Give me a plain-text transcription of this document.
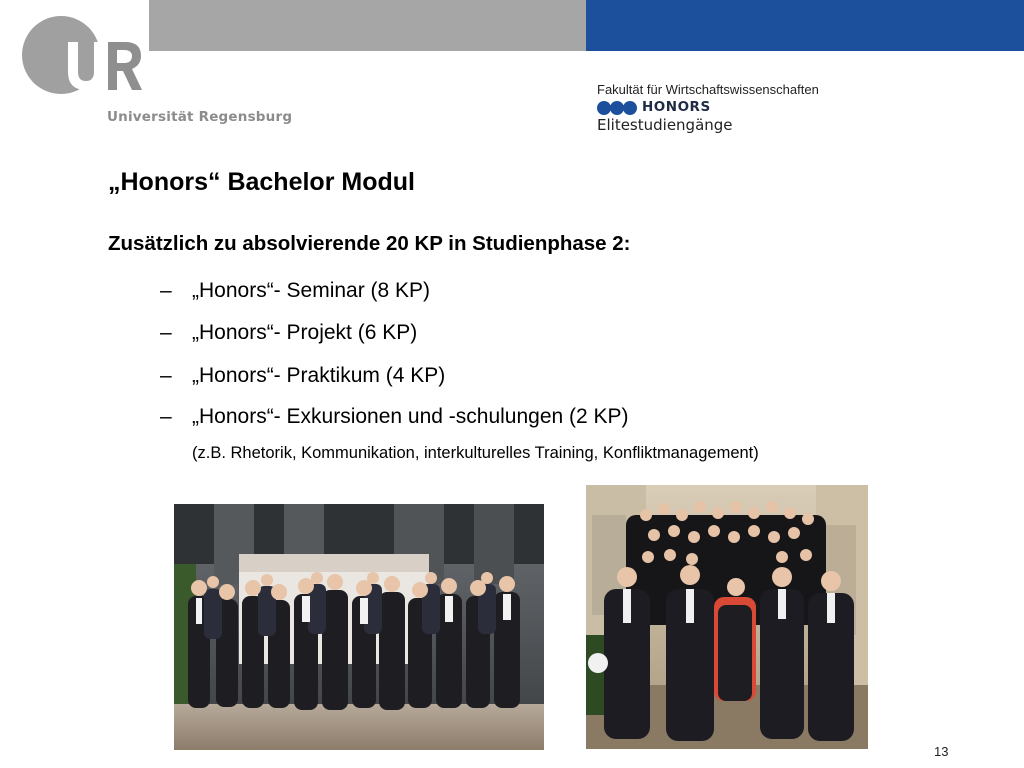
Universität Regensburg
Fakultät für Wirtschaftswissenschaften
HONORS
Elitestudiengänge
„Honors“ Bachelor Modul
Zusätzlich zu absolvierende 20 KP in Studienphase 2:
– „Honors“- Seminar (8 KP)
– „Honors“- Projekt (6 KP)
– „Honors“- Praktikum (4 KP)
– „Honors“- Exkursionen und -schulungen (2 KP)
(z.B. Rhetorik, Kommunikation, interkulturelles Training, Konfliktmanagement)
13
